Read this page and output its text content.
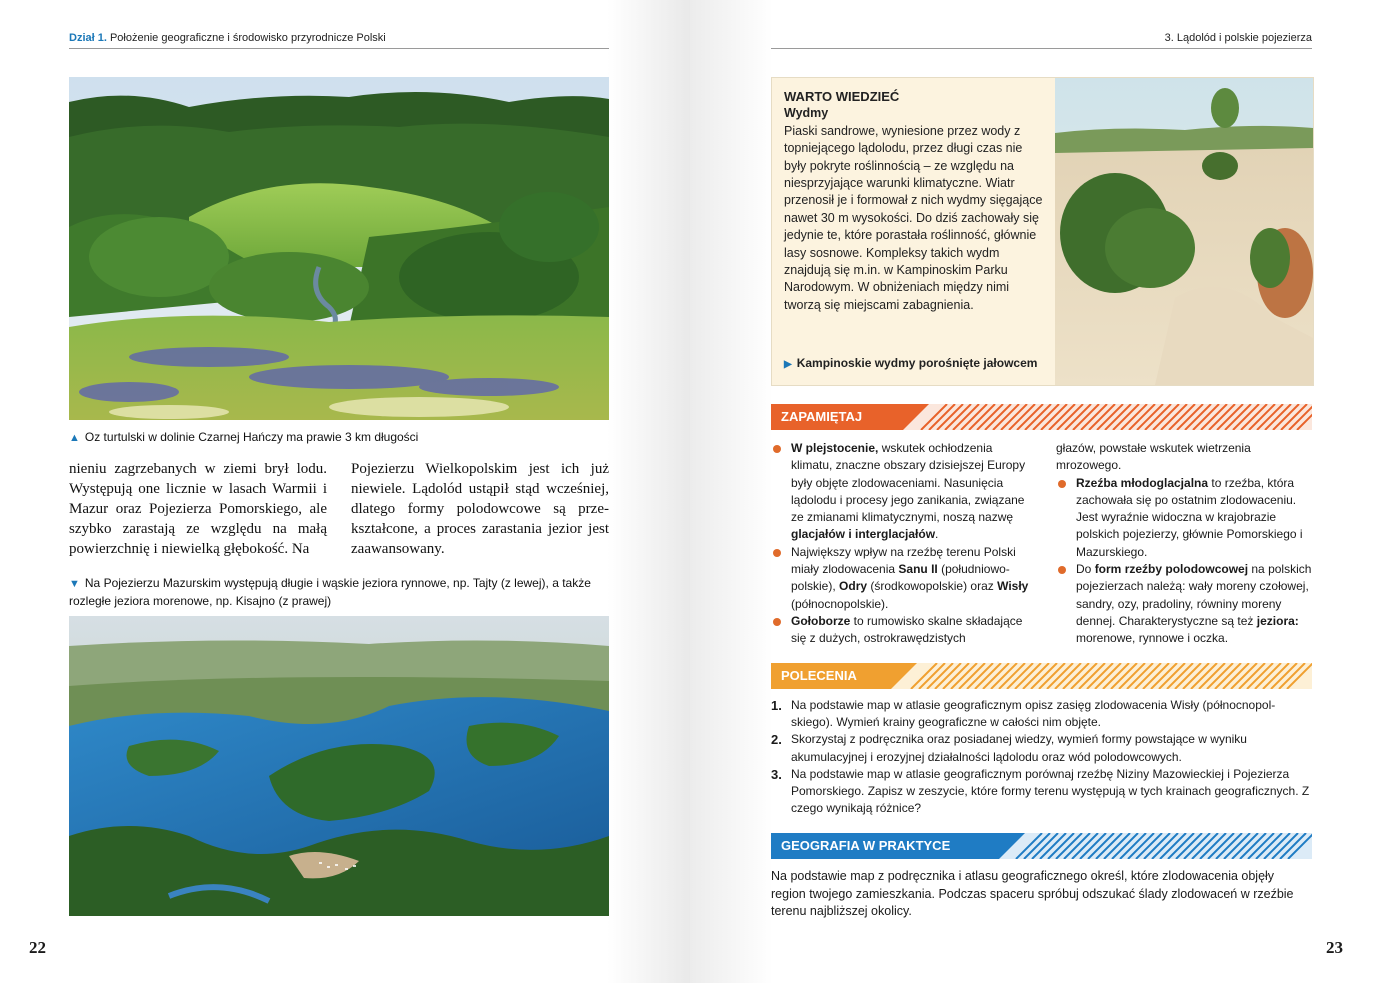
Dział 1. Położenie geograficzne i środowisko przyrodnicze Polski
▲ Oz turtulski w dolinie Czarnej Hańczy ma prawie 3 km długości
nieniu zagrzebanych w ziemi brył lodu. Występują one licznie w lasach Warmii i Mazur oraz Pojezierza Pomorskiego, ale szybko zarastają ze względu na małą powierzchnię i niewielką głębokość. Na
Pojezierzu Wielkopolskim jest ich już niewiele. Lądolód ustąpił stąd wcześniej, dlatego formy polodowcowe są prze-kształcone, a proces zarastania jezior jest zaawansowany.
▼ Na Pojezierzu Mazurskim występują długie i wąskie jeziora rynnowe, np. Tajty (z lewej), a także rozległe jeziora morenowe, np. Kisajno (z prawej)
22
3. Lądolód i polskie pojezierza
WARTO WIEDZIEĆ
Wydmy
Piaski sandrowe, wyniesione przez wody z topniejącego lądolodu, przez długi czas nie były pokryte roślinnością – ze względu na niesprzyjające warunki klimatyczne. Wiatr przenosił je i formował z nich wydmy sięgające nawet 30 m wysokości. Do dziś zachowały się jedynie te, które porastała roślinność, głównie lasy sosnowe. Kompleksy takich wydm znajdują się m.in. w Kampinoskim Parku Narodowym. W obniżeniach między nimi tworzą się miejscami zabagnienia.
▶ Kampinoskie wydmy porośnięte jałowcem
ZAPAMIĘTAJ
W plejstocenie, wskutek ochłodzenia klimatu, znaczne obszary dzisiejszej Europy były objęte zlodowaceniami. Nasunięcia lądolodu i procesy jego zanikania, związane ze zmianami klimatycznymi, noszą nazwę glacjałów i interglacjałów.
Największy wpływ na rzeźbę terenu Polski miały zlodowacenia Sanu II (południowo-polskie), Odry (środkowopolskie) oraz Wisły (północnopolskie).
Gołoborze to rumowisko skalne składające się z dużych, ostrokrawędzistych
głazów, powstałe wskutek wietrzenia mrozowego.
Rzeźba młodoglacjalna to rzeźba, która zachowała się po ostatnim zlodowaceniu. Jest wyraźnie widoczna w krajobrazie polskich pojezierzy, głównie Pomorskiego i Mazurskiego.
Do form rzeźby polodowcowej na polskich pojezierzach należą: wały moreny czołowej, sandry, ozy, pradoliny, równiny moreny dennej. Charakterystyczne są też jeziora: morenowe, rynnowe i oczka.
POLECENIA
1. Na podstawie map w atlasie geograficznym opisz zasięg zlodowacenia Wisły (północnopol-skiego). Wymień krainy geograficzne w całości nim objęte.
2. Skorzystaj z podręcznika oraz posiadanej wiedzy, wymień formy powstające w wyniku akumulacyjnej i erozyjnej działalności lądolodu oraz wód polodowcowych.
3. Na podstawie map w atlasie geograficznym porównaj rzeźbę Niziny Mazowieckiej i Pojezierza Pomorskiego. Zapisz w zeszycie, które formy terenu występują w tych krainach geograficznych. Z czego wynikają różnice?
GEOGRAFIA W PRAKTYCE
Na podstawie map z podręcznika i atlasu geograficznego określ, które zlodowacenia objęły region twojego zamieszkania. Podczas spaceru spróbuj odszukać ślady zlodowaceń w rzeźbie terenu najbliższej okolicy.
23
